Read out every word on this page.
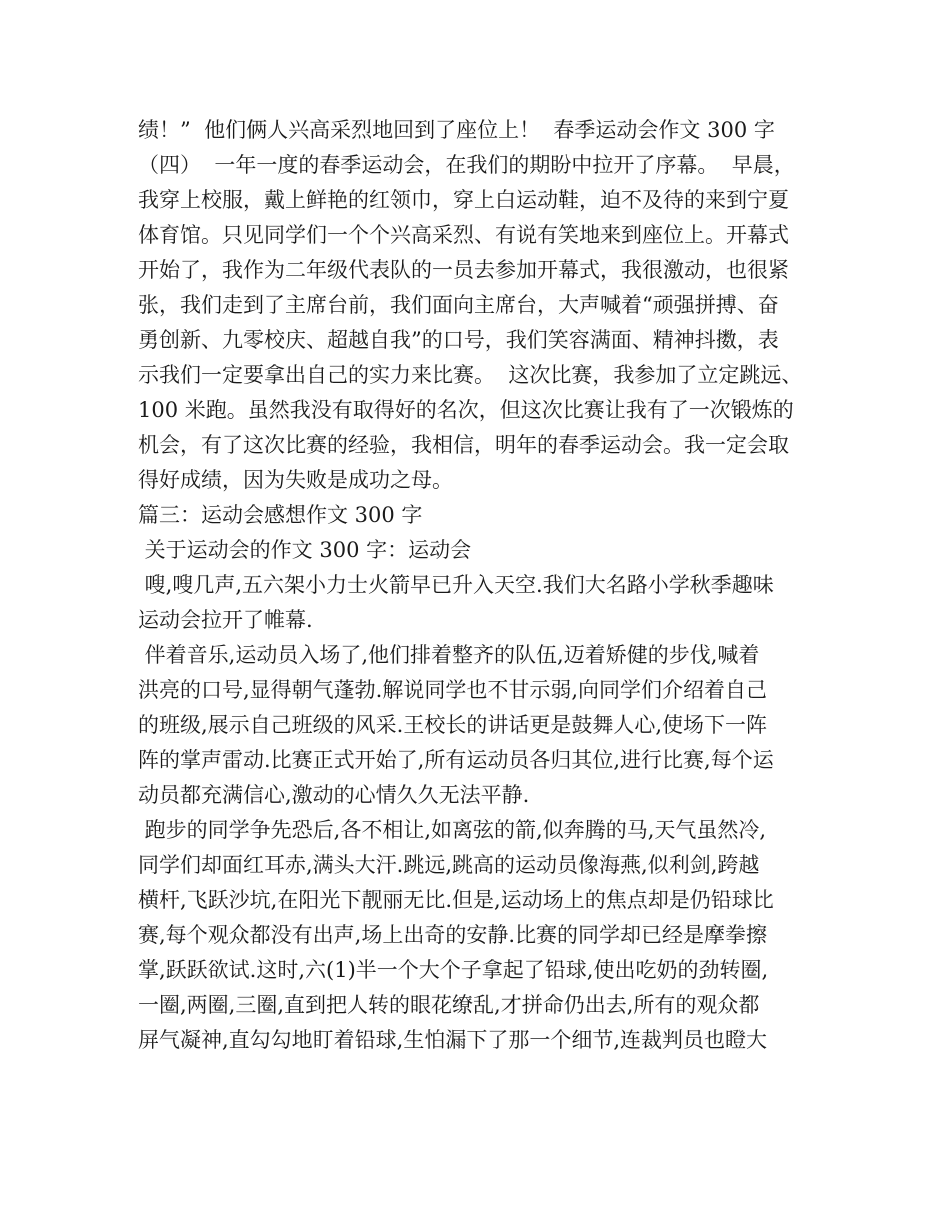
绩！”  他们俩人兴高采烈地回到了座位上！  春季运动会作文 300 字
（四）  一年一度的春季运动会，在我们的期盼中拉开了序幕。  早晨，
我穿上校服，戴上鲜艳的红领巾，穿上白运动鞋，迫不及待的来到宁夏
体育馆。只见同学们一个个兴高采烈、有说有笑地来到座位上。开幕式
开始了，我作为二年级代表队的一员去参加开幕式，我很激动，也很紧
张，我们走到了主席台前，我们面向主席台，大声喊着“顽强拼搏、奋
勇创新、九零校庆、超越自我”的口号，我们笑容满面、精神抖擞，表
示我们一定要拿出自己的实力来比赛。  这次比赛，我参加了立定跳远、
100 米跑。虽然我没有取得好的名次，但这次比赛让我有了一次锻炼的
机会，有了这次比赛的经验，我相信，明年的春季运动会。我一定会取
得好成绩，因为失败是成功之母。
篇三：运动会感想作文 300 字
关于运动会的作文 300 字：运动会
嗖,嗖几声,五六架小力士火箭早已升入天空.我们大名路小学秋季趣味
运动会拉开了帷幕.
伴着音乐,运动员入场了,他们排着整齐的队伍,迈着矫健的步伐,喊着
洪亮的口号,显得朝气蓬勃.解说同学也不甘示弱,向同学们介绍着自己
的班级,展示自己班级的风采.王校长的讲话更是鼓舞人心,使场下一阵
阵的掌声雷动.比赛正式开始了,所有运动员各归其位,进行比赛,每个运
动员都充满信心,激动的心情久久无法平静.
跑步的同学争先恐后,各不相让,如离弦的箭,似奔腾的马,天气虽然冷,
同学们却面红耳赤,满头大汗.跳远,跳高的运动员像海燕,似利剑,跨越
横杆,飞跃沙坑,在阳光下靓丽无比.但是,运动场上的焦点却是仍铅球比
赛,每个观众都没有出声,场上出奇的安静.比赛的同学却已经是摩拳擦
掌,跃跃欲试.这时,六(1)半一个大个子拿起了铅球,使出吃奶的劲转圈,
一圈,两圈,三圈,直到把人转的眼花缭乱,才拼命仍出去,所有的观众都
屏气凝神,直勾勾地盯着铅球,生怕漏下了那一个细节,连裁判员也瞪大
